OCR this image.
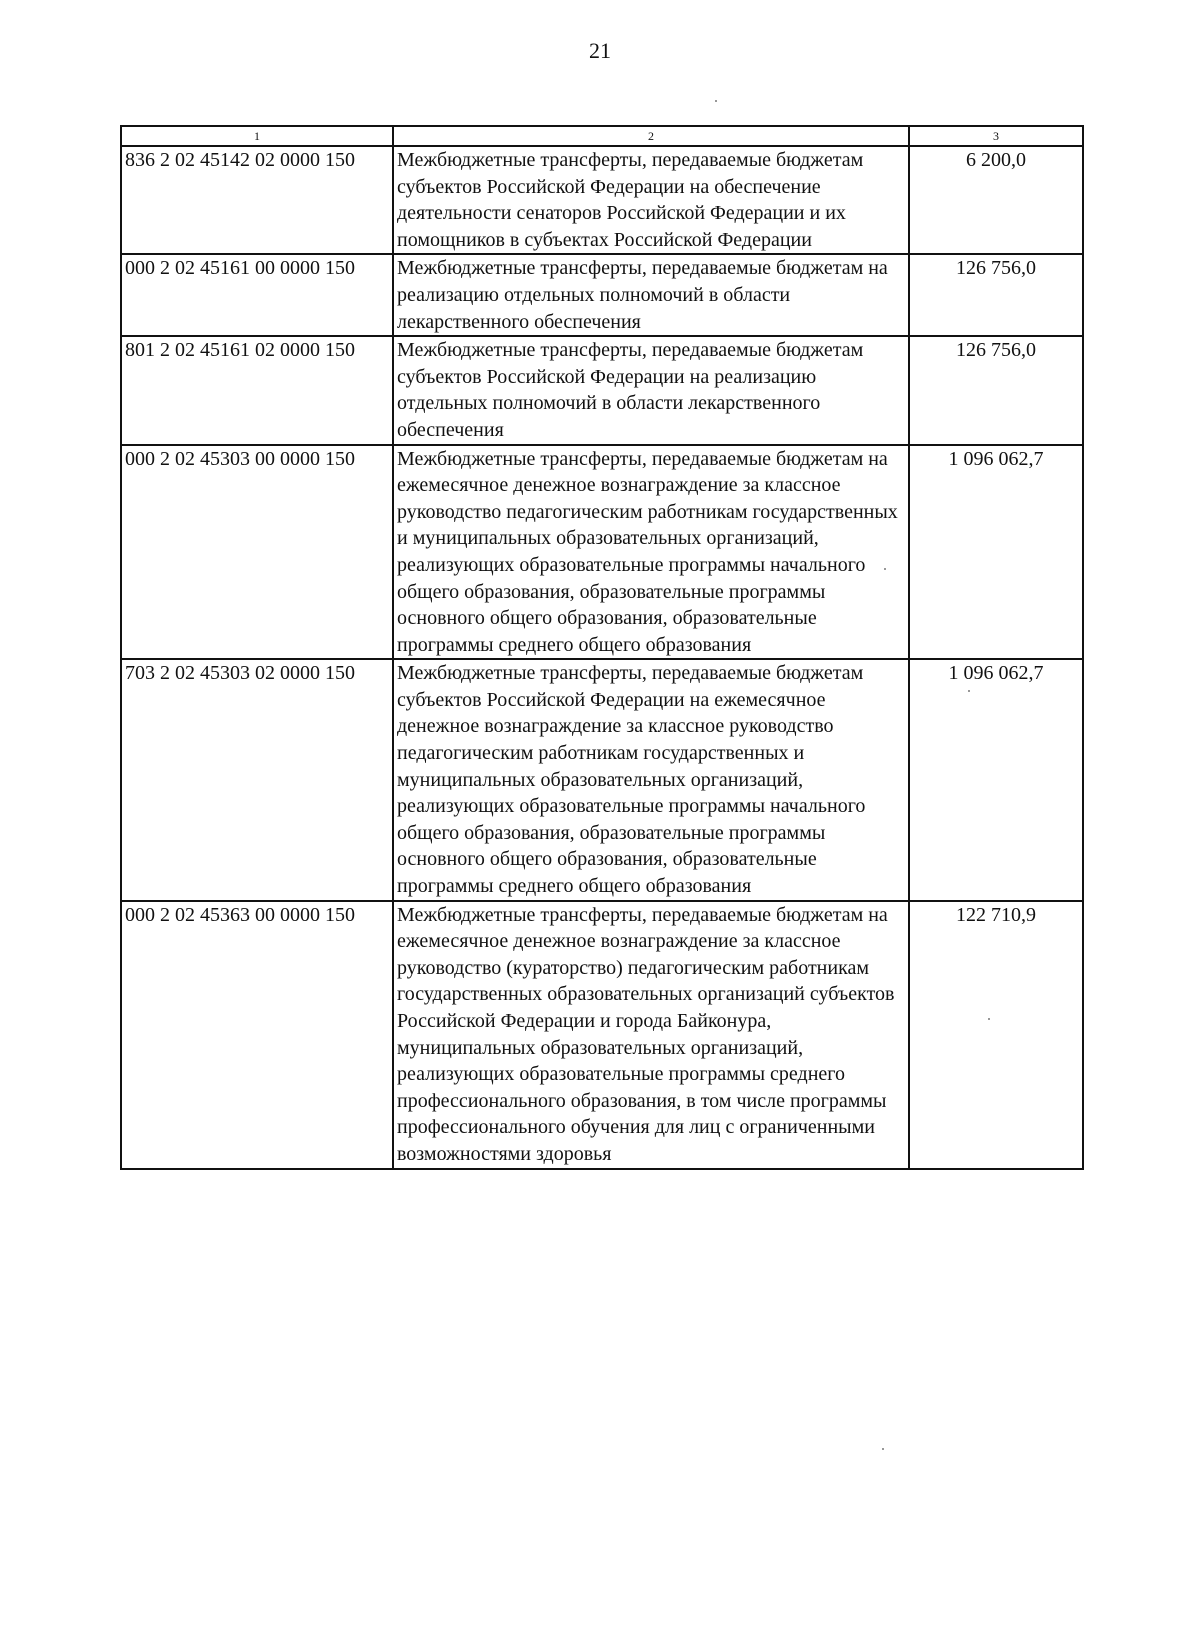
21
1	2	3
836 2 02 45142 02 0000 150	Межбюджетные трансферты, передаваемые бюджетам субъектов Российской Федерации на обеспечение деятельности сенаторов Российской Федерации и их помощников в субъектах Российской Федерации	6 200,0
000 2 02 45161 00 0000 150	Межбюджетные трансферты, передаваемые бюджетам на реализацию отдельных полномочий в области лекарственного обеспечения	126 756,0
801 2 02 45161 02 0000 150	Межбюджетные трансферты, передаваемые бюджетам субъектов Российской Федерации на реализацию отдельных полномочий в области лекарственного обеспечения	126 756,0
000 2 02 45303 00 0000 150	Межбюджетные трансферты, передаваемые бюджетам на ежемесячное денежное вознаграждение за классное руководство педагогическим работникам государственных и муниципальных образовательных организаций, реализующих образовательные программы начального общего образования, образовательные программы основного общего образования, образовательные программы среднего общего образования	1 096 062,7
703 2 02 45303 02 0000 150	Межбюджетные трансферты, передаваемые бюджетам субъектов Российской Федерации на ежемесячное денежное вознаграждение за классное руководство педагогическим работникам государственных и муниципальных образовательных организаций, реализующих образовательные программы начального общего образования, образовательные программы основного общего образования, образовательные программы среднего общего образования	1 096 062,7
000 2 02 45363 00 0000 150	Межбюджетные трансферты, передаваемые бюджетам на ежемесячное денежное вознаграждение за классное руководство (кураторство) педагогическим работникам государственных образовательных организаций субъектов Российской Федерации и города Байконура, муниципальных образовательных организаций, реализующих образовательные программы среднего профессионального образования, в том числе программы профессионального обучения для лиц с ограниченными возможностями здоровья	122 710,9
